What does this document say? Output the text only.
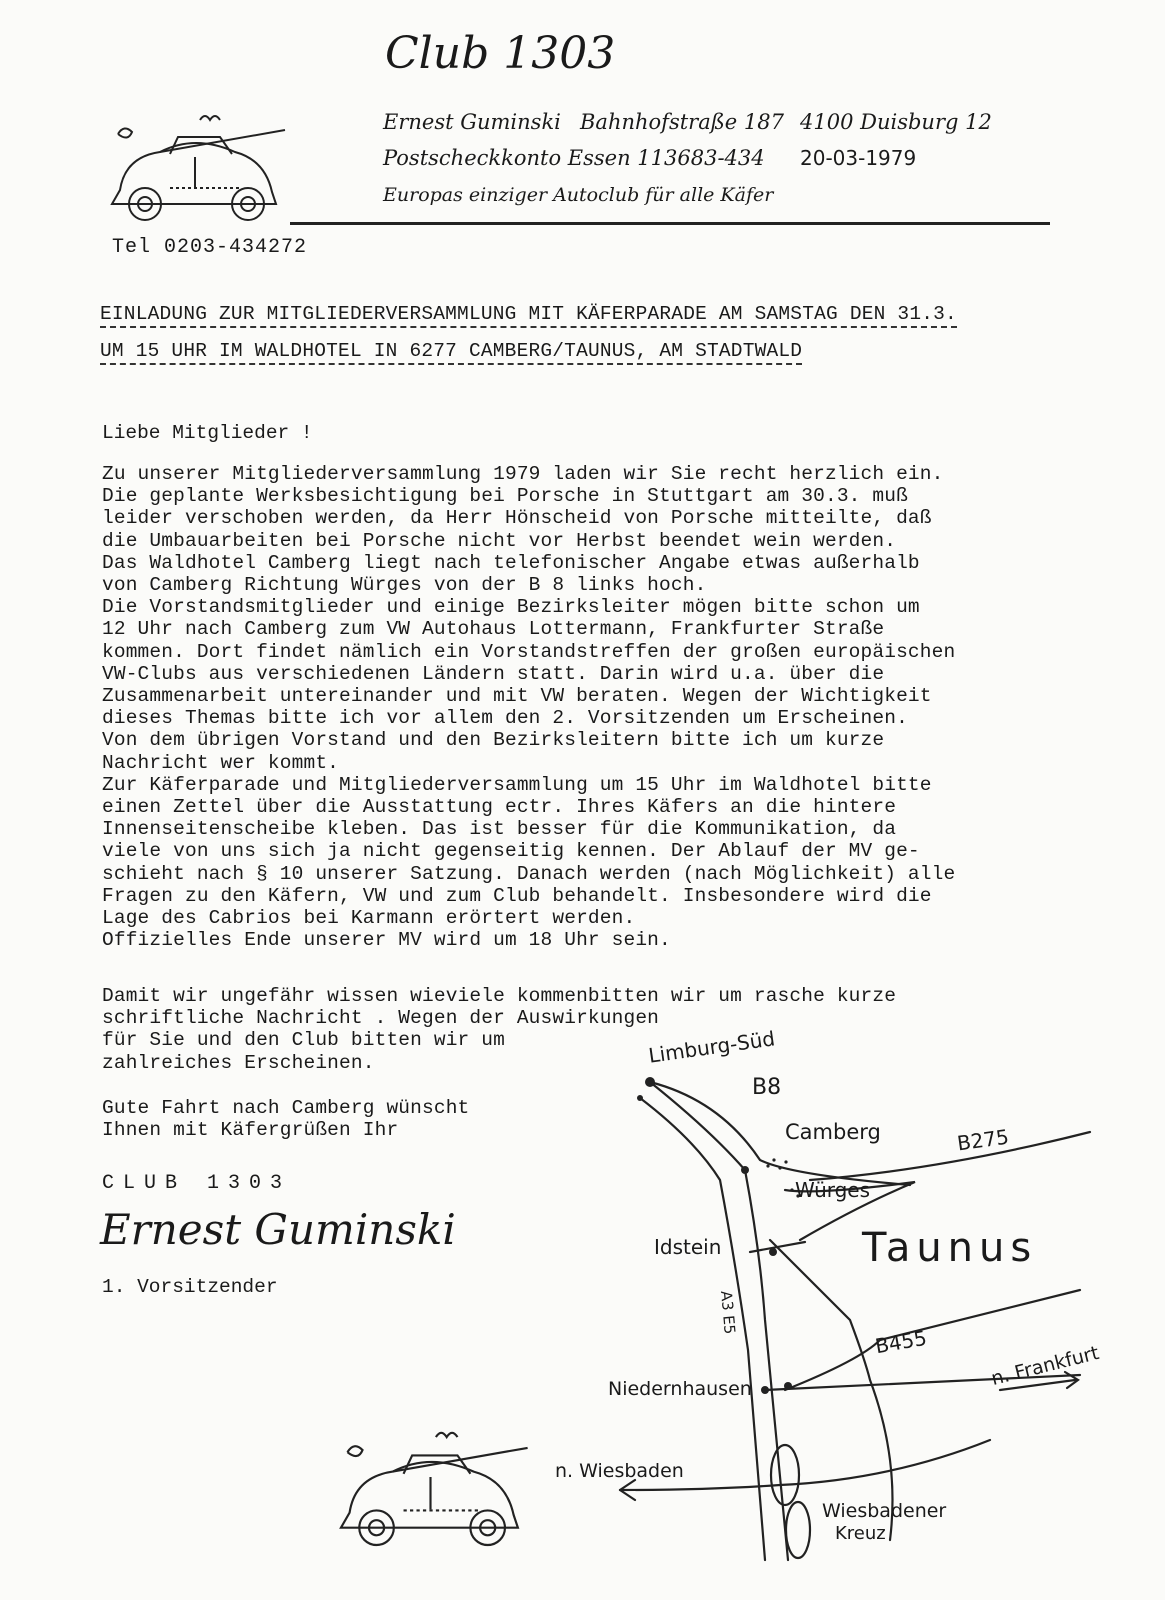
Club 1303
Ernest Guminski Bahnhofstraße 187 4100 Duisburg 12
Postscheckkonto Essen 113683-434 20-03-1979
Europas einziger Autoclub für alle Käfer
Tel 0203-434272
EINLADUNG ZUR MITGLIEDERVERSAMMLUNG MIT KÄFERPARADE AM SAMSTAG DEN 31.3.
UM 15 UHR IM WALDHOTEL IN 6277 CAMBERG/TAUNUS, AM STADTWALD
Liebe Mitglieder !
Zu unserer Mitgliederversammlung 1979 laden wir Sie recht herzlich ein.
Die geplante Werksbesichtigung bei Porsche in Stuttgart am 30.3. muß
leider verschoben werden, da Herr Hönscheid von Porsche mitteilte, daß
die Umbauarbeiten bei Porsche nicht vor Herbst beendet wein werden.
Das Waldhotel Camberg liegt nach telefonischer Angabe etwas außerhalb
von Camberg Richtung Würges von der B 8 links hoch.
Die Vorstandsmitglieder und einige Bezirksleiter mögen bitte schon um
12 Uhr nach Camberg zum VW Autohaus Lottermann, Frankfurter Straße
kommen. Dort findet nämlich ein Vorstandstreffen der großen europäischen
VW-Clubs aus verschiedenen Ländern statt. Darin wird u.a. über die
Zusammenarbeit untereinander und mit VW beraten. Wegen der Wichtigkeit
dieses Themas bitte ich vor allem den 2. Vorsitzenden um Erscheinen.
Von dem übrigen Vorstand und den Bezirksleitern bitte ich um kurze
Nachricht wer kommt.
Zur Käferparade und Mitgliederversammlung um 15 Uhr im Waldhotel bitte
einen Zettel über die Ausstattung ectr. Ihres Käfers an die hintere
Innenseitenscheibe kleben. Das ist besser für die Kommunikation, da
viele von uns sich ja nicht gegenseitig kennen. Der Ablauf der MV ge-
schieht nach § 10 unserer Satzung. Danach werden (nach Möglichkeit) alle
Fragen zu den Käfern, VW und zum Club behandelt. Insbesondere wird die
Lage des Cabrios bei Karmann erörtert werden.
Offizielles Ende unserer MV wird um 18 Uhr sein.
Damit wir ungefähr wissen wieviele kommenbitten wir um rasche kurze
schriftliche Nachricht . Wegen der Auswirkungen
für Sie und den Club bitten wir um
zahlreiches Erscheinen.
Gute Fahrt nach Camberg wünscht
Ihnen mit Käfergrüßen Ihr
CLUB 1303
Ernest Guminski
1. Vorsitzender
Limburg-Süd
B8
Camberg	B275
Würges
Idstein	Taunus
A3 E5
B455
Niedernhausen	n. Frankfurt
n. Wiesbaden
Wiesbadener
Kreuz
